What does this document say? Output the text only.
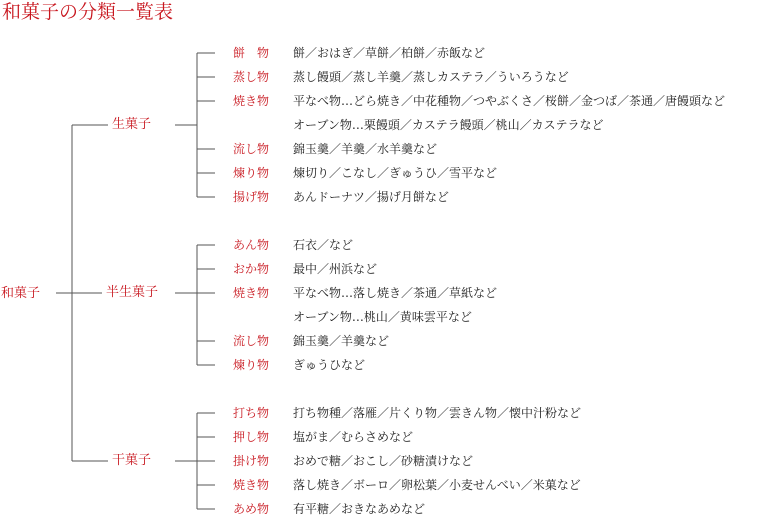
和菓子の分類一覧表
和菓子
生菓子
餅　物	餅／おはぎ／草餅／柏餅／赤飯など
蒸し物	蒸し饅頭／蒸し羊羹／蒸しカステラ／ういろうなど
焼き物	平なべ物…どら焼き／中花種物／つやぶくさ／桜餅／金つば／茶通／唐饅頭など
オーブン物…栗饅頭／カステラ饅頭／桃山／カステラなど
流し物	錦玉羹／羊羹／水羊羹など
煉り物	煉切り／こなし／ぎゅうひ／雪平など
揚げ物	あんドーナツ／揚げ月餅など
半生菓子
あん物	石衣／など
おか物	最中／州浜など
焼き物	平なべ物…落し焼き／茶通／草紙など
オーブン物…桃山／黄味雲平など
流し物	錦玉羹／羊羹など
煉り物	ぎゅうひなど
干菓子
打ち物	打ち物種／落雁／片くり物／雲きん物／懐中汁粉など
押し物	塩がま／むらさめなど
掛け物	おめで糖／おこし／砂糖漬けなど
焼き物	落し焼き／ボーロ／卵松葉／小麦せんべい／米菓など
あめ物	有平糖／おきなあめなど
